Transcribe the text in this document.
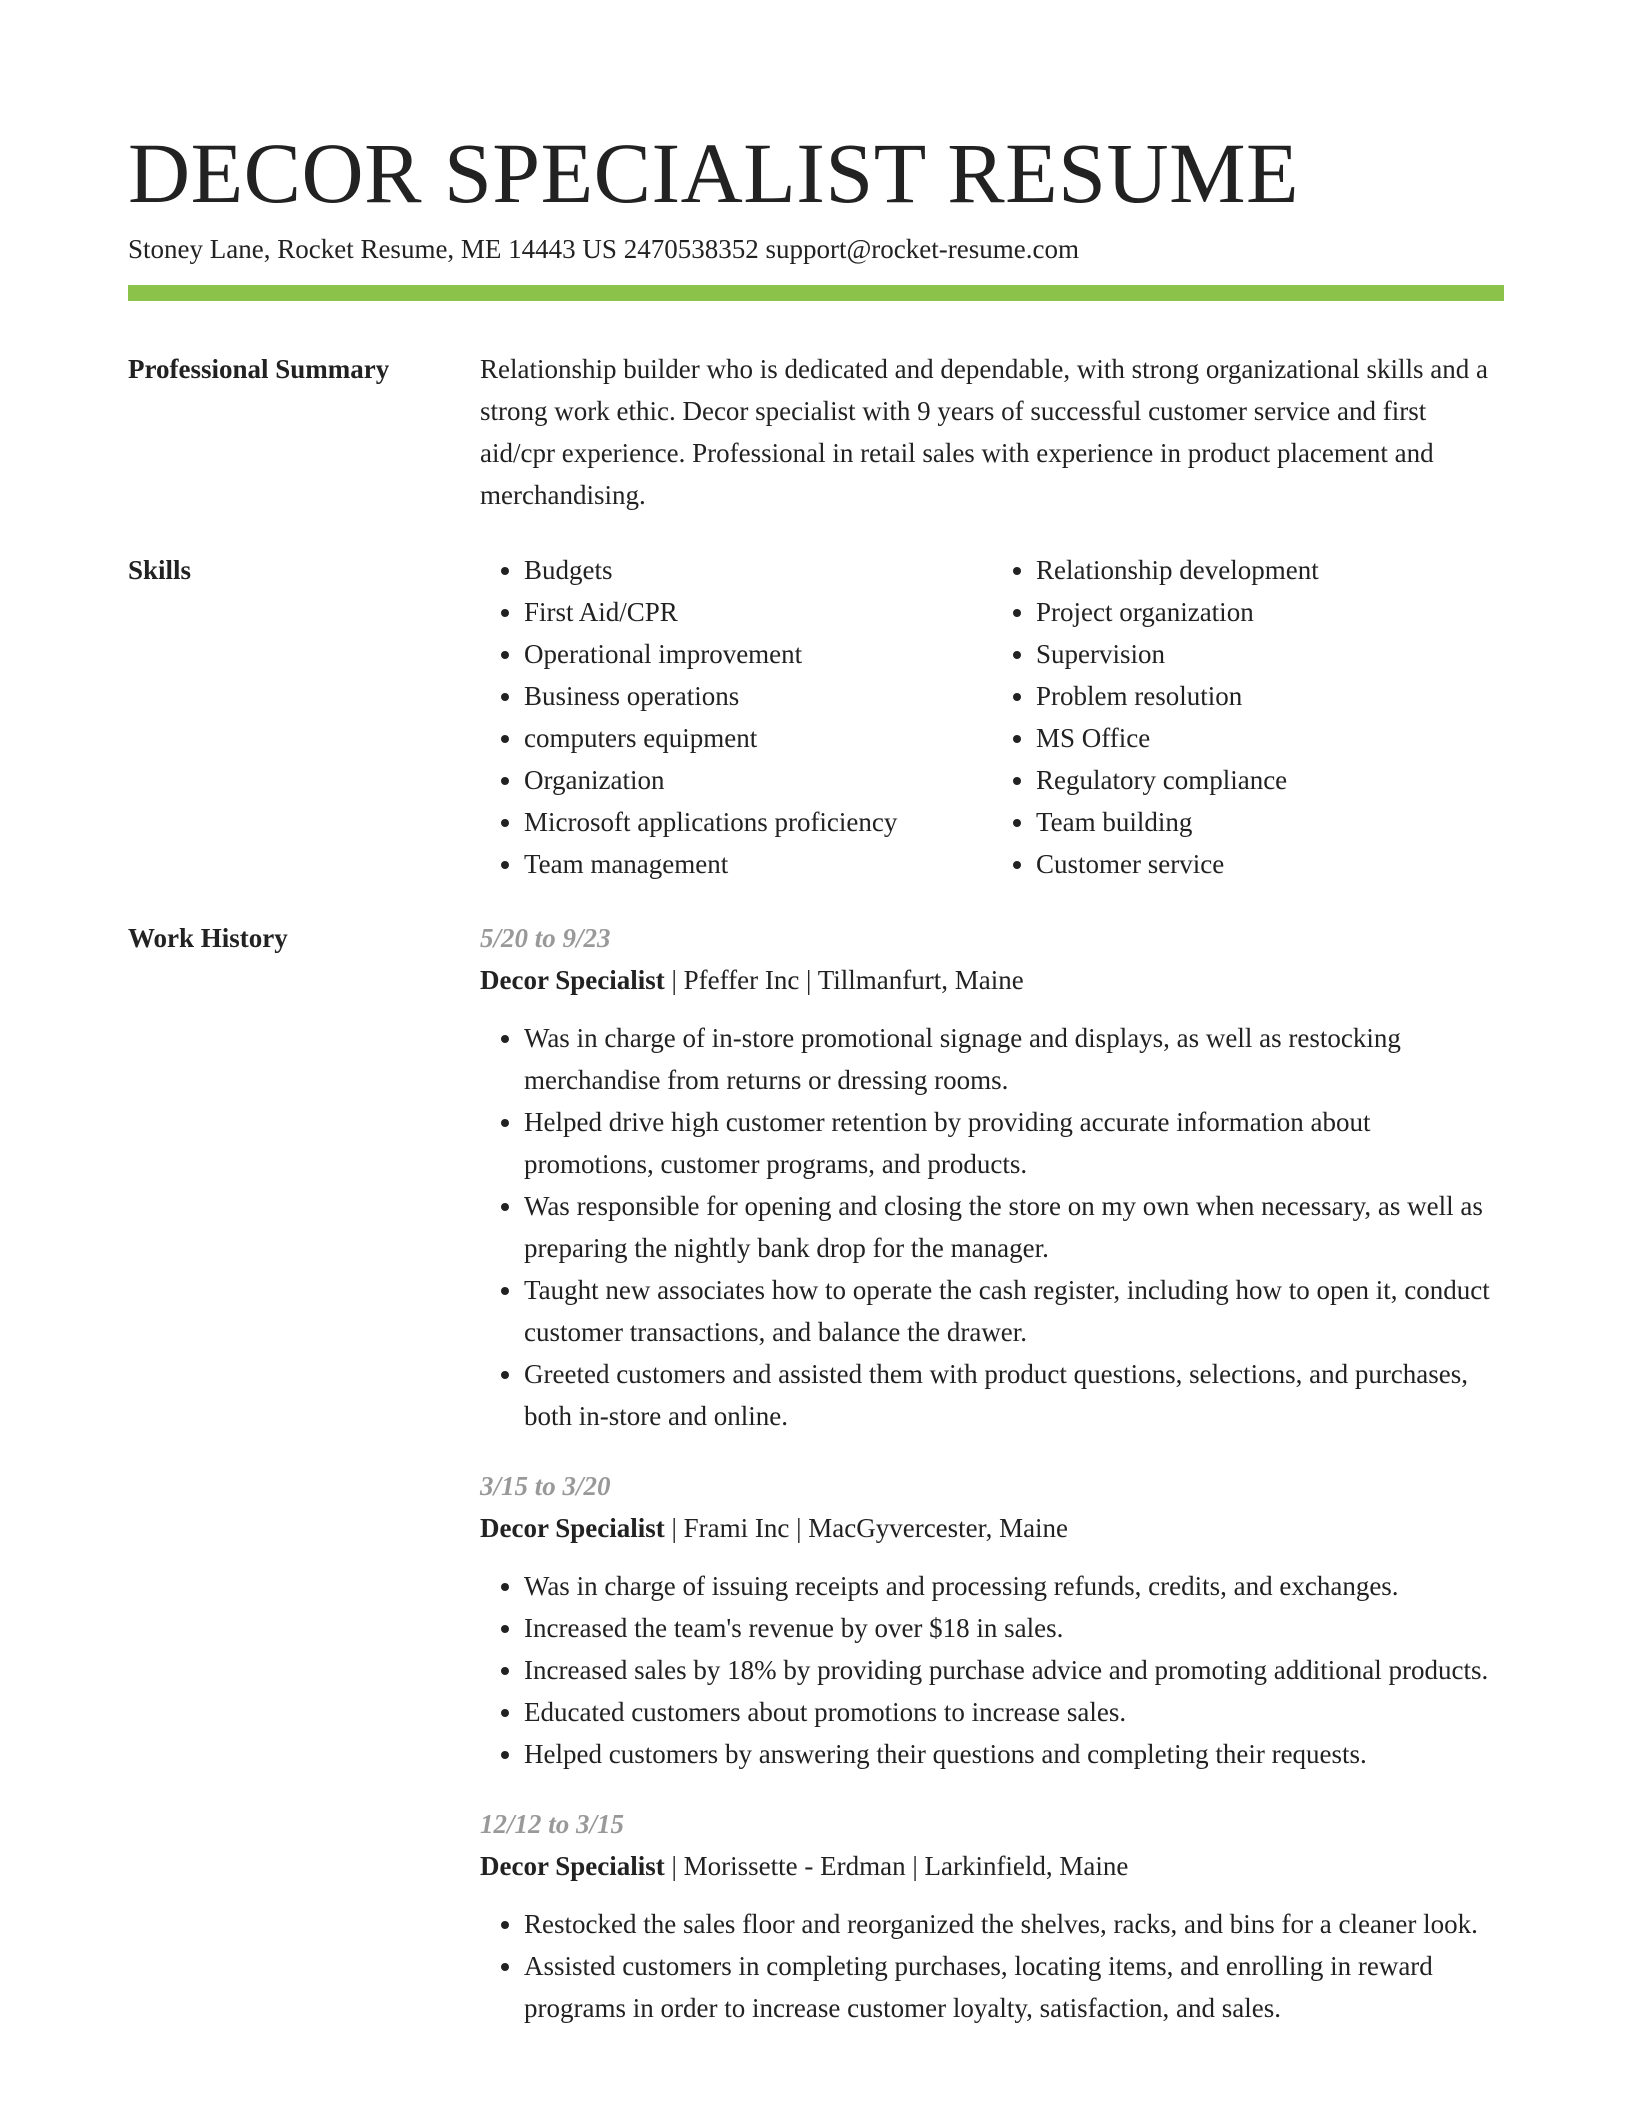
DECOR SPECIALIST RESUME
Stoney Lane, Rocket Resume, ME 14443 US 2470538352 support@rocket-resume.com
Professional Summary	Relationship builder who is dedicated and dependable, with strong organizational skills and a strong work ethic. Decor specialist with 9 years of successful customer service and first aid/cpr experience. Professional in retail sales with experience in product placement and merchandising.

Skills
•	Budgets
• First Aid/CPR
• Operational improvement
• Business operations
• computers equipment
• Organization
• Microsoft applications proficiency
• Team management
• Relationship development
• Project organization
• Supervision
• Problem resolution
• MS Office
• Regulatory compliance
• Team building
• Customer service
Work History	5/20 to 9/23
Decor Specialist | Pfeffer Inc | Tillmanfurt, Maine
• Was in charge of in-store promotional signage and displays, as well as restocking merchandise from returns or dressing rooms.
• Helped drive high customer retention by providing accurate information about promotions, customer programs, and products.
• Was responsible for opening and closing the store on my own when necessary, as well as preparing the nightly bank drop for the manager.
• Taught new associates how to operate the cash register, including how to open it, conduct customer transactions, and balance the drawer.
• Greeted customers and assisted them with product questions, selections, and purchases, both in-store and online.
3/15 to 3/20
Decor Specialist | Frami Inc | MacGyvercester, Maine
• Was in charge of issuing receipts and processing refunds, credits, and exchanges.
• Increased the team's revenue by over $18 in sales.
• Increased sales by 18% by providing purchase advice and promoting additional products.
• Educated customers about promotions to increase sales.
• Helped customers by answering their questions and completing their requests.
12/12 to 3/15
Decor Specialist | Morissette - Erdman | Larkinfield, Maine
• Restocked the sales floor and reorganized the shelves, racks, and bins for a cleaner look.
• Assisted customers in completing purchases, locating items, and enrolling in reward programs in order to increase customer loyalty, satisfaction, and sales.
